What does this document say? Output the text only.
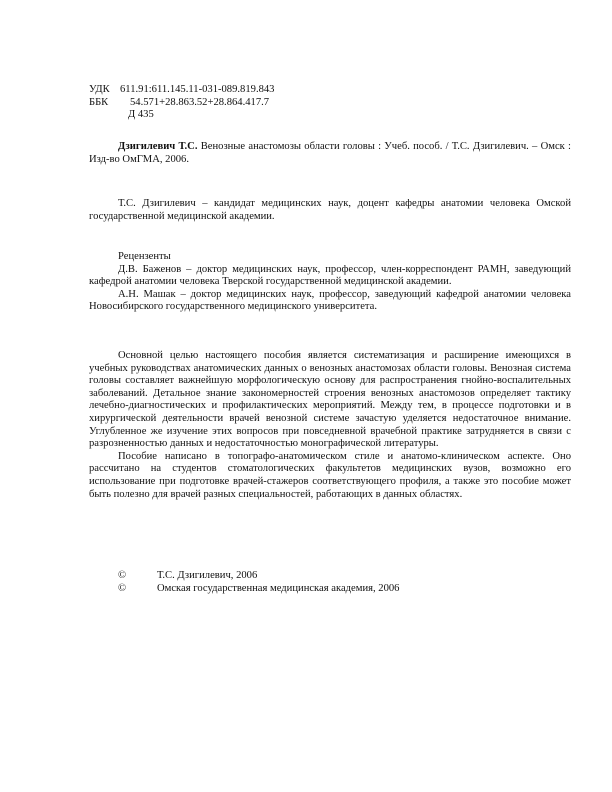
УДК 611.91:611.145.11-031-089.819.843
ББК 54.571+28.863.52+28.864.417.7
Д 435
Дзигилевич Т.С. Венозные анастомозы области головы : Учеб. пособ. / Т.С. Дзигилевич. – Омск : Изд-во ОмГМА, 2006.
Т.С. Дзигилевич – кандидат медицинских наук, доцент кафедры анатомии человека Омской государственной медицинской академии.
Рецензенты

Д.В. Баженов – доктор медицинских наук, профессор, член-корреспондент РАМН, заведующий кафедрой анатомии человека Тверской государственной медицинской академии.

А.Н. Машак – доктор медицинских наук, профессор, заведующий кафедрой анатомии человека Новосибирского государственного медицинского университета.

Основной целью настоящего пособия является систематизация и расширение имеющихся в учебных руководствах анатомических данных о венозных анастомозах области головы. Венозная система головы составляет важнейшую морфологическую основу для распространения гнойно-воспалительных заболеваний. Детальное знание закономерностей строения венозных анастомозов определяет тактику лечебно-диагностических и профилактических мероприятий. Между тем, в процессе подготовки и в хирургической деятельности врачей венозной системе зачастую уделяется недостаточное внимание. Углубленное же изучение этих вопросов при повседневной врачебной практике затрудняется в связи с разрозненностью данных и недостаточностью монографической литературы.

Пособие написано в топографо-анатомическом стиле и анатомо-клиническом аспекте. Оно рассчитано на студентов стоматологических факультетов медицинских вузов, возможно его использование при подготовке врачей-стажеров соответствующего профиля, а также это пособие может быть полезно для врачей разных специальностей, работающих в данных областях.

©	Т.С. Дзигилевич, 2006
©	Омская государственная медицинская академия, 2006
